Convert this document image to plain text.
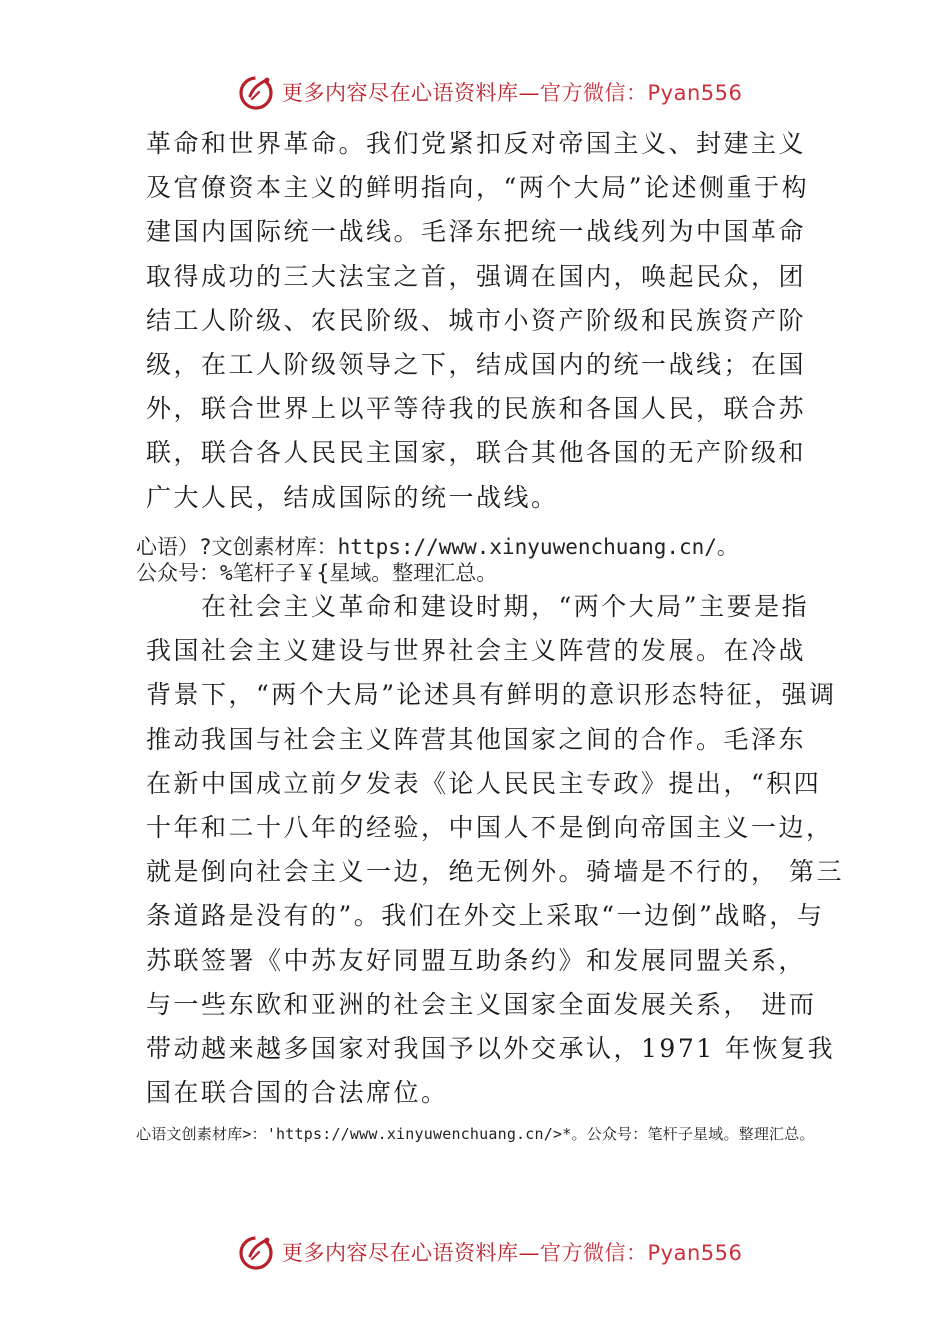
更多内容尽在心语资料库—官方微信：Pyan556
革命和世界革命。我们党紧扣反对帝国主义、封建主义
及官僚资本主义的鲜明指向，“两个大局”论述侧重于构
建国内国际统一战线。毛泽东把统一战线列为中国革命
取得成功的三大法宝之首，强调在国内，唤起民众，团
结工人阶级、农民阶级、城市小资产阶级和民族资产阶
级，在工人阶级领导之下，结成国内的统一战线；在国
外，联合世界上以平等待我的民族和各国人民，联合苏
联，联合各人民民主国家，联合其他各国的无产阶级和
广大人民，结成国际的统一战线。
心语）?文创素材库：https://www.xinyuwenchuang.cn/。
公众号：%笔杆子￥{星域。整理汇总。
　　在社会主义革命和建设时期，“两个大局”主要是指
我国社会主义建设与世界社会主义阵营的发展。在冷战
背景下，“两个大局”论述具有鲜明的意识形态特征，强调
推动我国与社会主义阵营其他国家之间的合作。毛泽东
在新中国成立前夕发表《论人民民主专政》提出，“积四
十年和二十八年的经验，中国人不是倒向帝国主义一边，
就是倒向社会主义一边，绝无例外。骑墙是不行的， 第三
条道路是没有的”。我们在外交上采取“一边倒”战略，与
苏联签署《中苏友好同盟互助条约》和发展同盟关系，
与一些东欧和亚洲的社会主义国家全面发展关系， 进而
带动越来越多国家对我国予以外交承认，1971 年恢复我
国在联合国的合法席位。
心语文创素材库>：'https://www.xinyuwenchuang.cn/>*。公众号：笔杆子星域。整理汇总。
更多内容尽在心语资料库—官方微信：Pyan556
